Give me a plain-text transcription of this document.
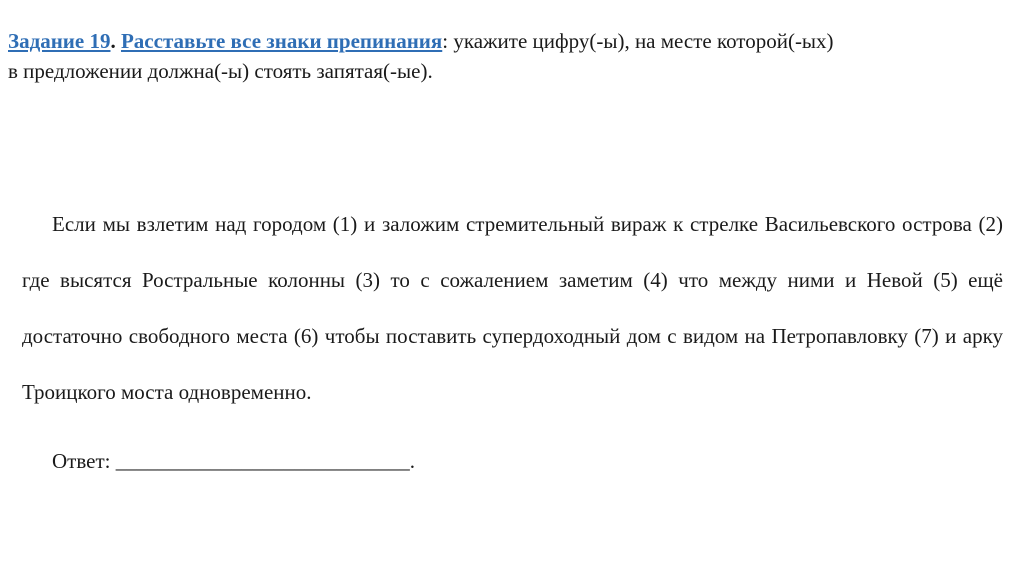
Задание 19. Расставьте все знаки препинания: укажите цифру(-ы), на месте которой(-ых)
в предложении должна(-ы) стоять запятая(-ые).

Если мы взлетим над городом (1) и заложим стремительный вираж к стрелке Васильевского острова (2) где высятся Ростральные колонны (3) то с сожалением заметим (4) что между ними и Невой (5) ещё достаточно свободного места (6) чтобы поставить супердоходный дом с видом на Петропавловку (7) и арку Троицкого моста одновременно.

Ответ: ____________________________.
